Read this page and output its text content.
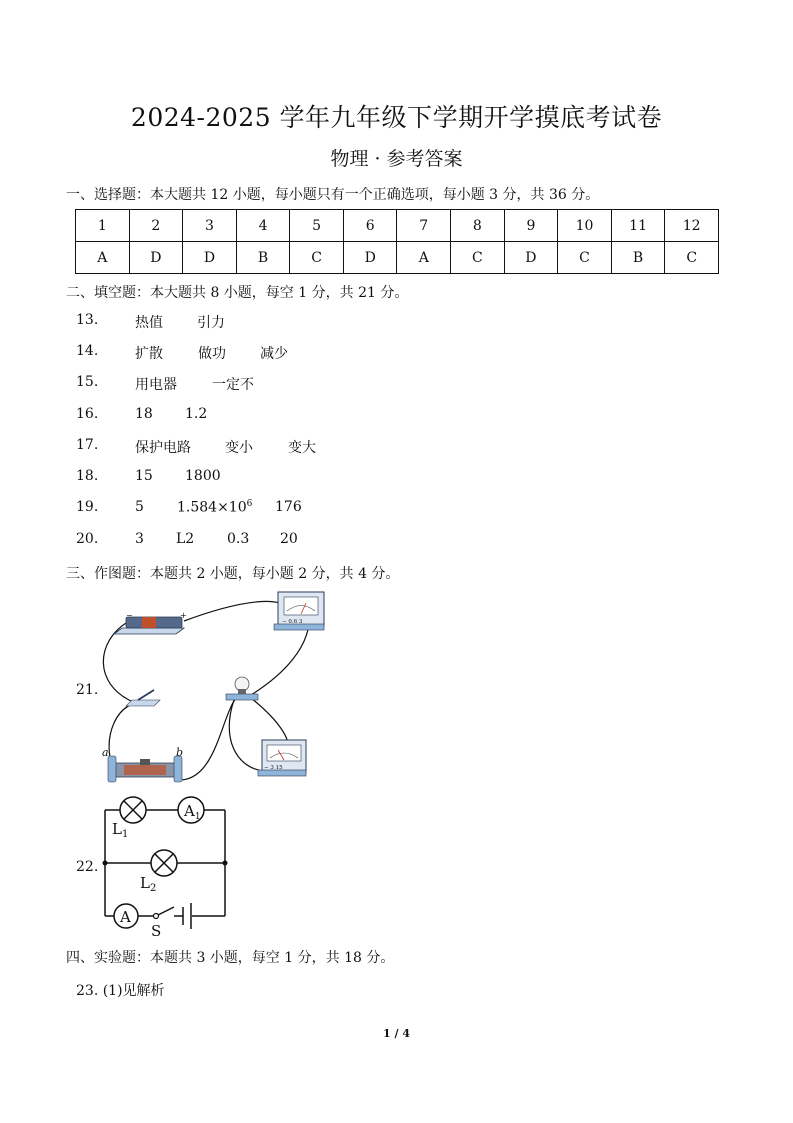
2024-2025 学年九年级下学期开学摸底考试卷
物理 · 参考答案
一、选择题：本大题共 12 小题，每小题只有一个正确选项，每小题 3 分，共 36 分。
1	2	3	4	5	6	7	8	9	10	11	12
A	D	D	B	C	D	A	C	D	C	B	C
二、填空题：本大题共 8 小题，每空 1 分，共 21 分。
13.	热值 引力
14.	扩散	做功 减少
15.	用电器	一定不
16.	18 1.2
17.	保护电路 变小	变大
18.	15 1800
19.	5 $1.584\times 10^6$ 176
20.	3 L2 0.3 20
三、作图题：本题共 2 小题，每小题 2 分，共 4 分。
21.
−	+
− 0.6 3
a	b
− 3 15
22.
$L_1$
$A_1$
$L_2$
A
S
四、实验题：本题共 3 小题，每空 1 分，共 18 分。
23. (1)见解析
1 / 4
